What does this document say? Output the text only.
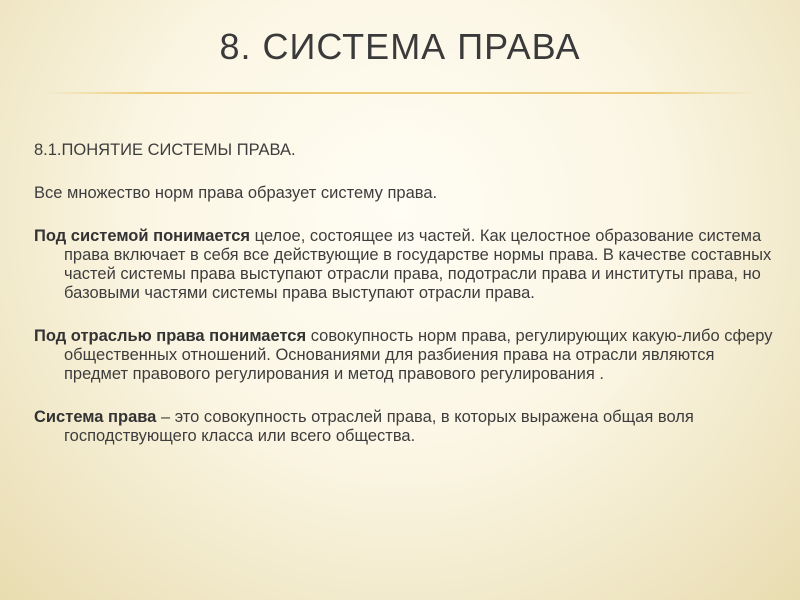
8. СИСТЕМА ПРАВА

8.1.ПОНЯТИЕ СИСТЕМЫ ПРАВА.

Все множество норм права образует систему права.

Под системой понимается целое, состоящее из частей. Как целостное образование система права включает в себя все действующие в государстве нормы права. В качестве составных частей системы права выступают отрасли права, подотрасли права и институты права, но базовыми частями системы права выступают отрасли права.

Под отраслью права понимается совокупность норм права, регулирующих какую-либо сферу общественных отношений. Основаниями для разбиения права на отрасли являются предмет правового регулирования и метод правового регулирования .

Система права – это совокупность отраслей права, в которых выражена общая воля господствующего класса или всего общества.
